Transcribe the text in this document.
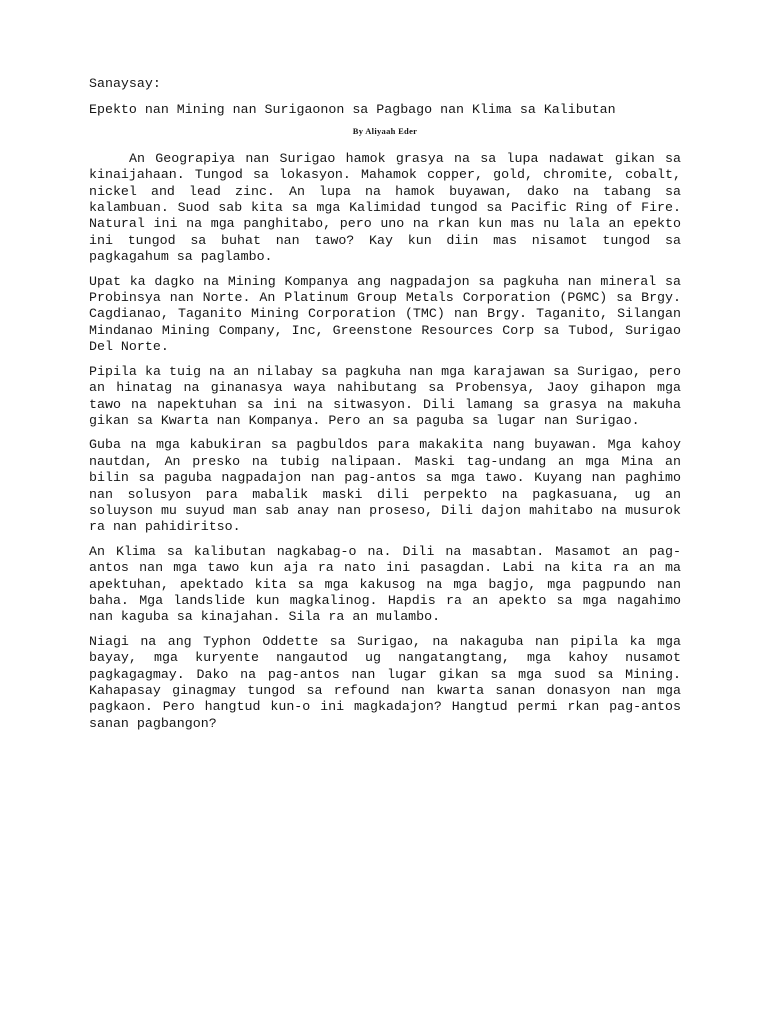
Sanaysay:

Epekto nan Mining nan Surigaonon sa Pagbago nan Klima sa Kalibutan

By Aliyaah Eder

An Geograpiya nan Surigao hamok grasya na sa lupa nadawat gikan sa kinaijahaan. Tungod sa lokasyon. Mahamok copper, gold, chromite, cobalt, nickel and lead zinc. An lupa na hamok buyawan, dako na tabang sa kalambuan. Suod sab kita sa mga Kalimidad tungod sa Pacific Ring of Fire. Natural ini na mga panghitabo, pero uno na rkan kun mas nu lala an epekto ini tungod sa buhat nan tawo? Kay kun diin mas nisamot tungod sa pagkagahum sa paglambo.

Upat ka dagko na Mining Kompanya ang nagpadajon sa pagkuha nan mineral sa Probinsya nan Norte. An Platinum Group Metals Corporation (PGMC) sa Brgy. Cagdianao, Taganito Mining Corporation (TMC) nan Brgy. Taganito, Silangan Mindanao Mining Company, Inc, Greenstone Resources Corp sa Tubod, Surigao Del Norte.

Pipila ka tuig na an nilabay sa pagkuha nan mga karajawan sa Surigao, pero an hinatag na ginanasya waya nahibutang sa Probensya, Jaoy gihapon mga tawo na napektuhan sa ini na sitwasyon. Dili lamang sa grasya na makuha gikan sa Kwarta nan Kompanya. Pero an sa paguba sa lugar nan Surigao.

Guba na mga kabukiran sa pagbuldos para makakita nang buyawan. Mga kahoy nautdan, An presko na tubig nalipaan. Maski tag-undang an mga Mina an bilin sa paguba nagpadajon nan pag-antos sa mga tawo. Kuyang nan paghimo nan solusyon para mabalik maski dili perpekto na pagkasuana, ug an soluyson mu suyud man sab anay nan proseso, Dili dajon mahitabo na musurok ra nan pahidiritso.

An Klima sa kalibutan nagkabag-o na. Dili na masabtan. Masamot an pag-antos nan mga tawo kun aja ra nato ini pasagdan. Labi na kita ra an ma apektuhan, apektado kita sa mga kakusog na mga bagjo, mga pagpundo nan baha. Mga landslide kun magkalinog. Hapdis ra an apekto sa mga nagahimo nan kaguba sa kinajahan. Sila ra an mulambo.

Niagi na ang Typhon Oddette sa Surigao, na nakaguba nan pipila ka mga bayay, mga kuryente nangautod ug nangatangtang, mga kahoy nusamot pagkagagmay. Dako na pag-antos nan lugar gikan sa mga suod sa Mining. Kahapasay ginagmay tungod sa refound nan kwarta sanan donasyon nan mga pagkaon. Pero hangtud kun-o ini magkadajon? Hangtud permi rkan pag-antos sanan pagbangon?
